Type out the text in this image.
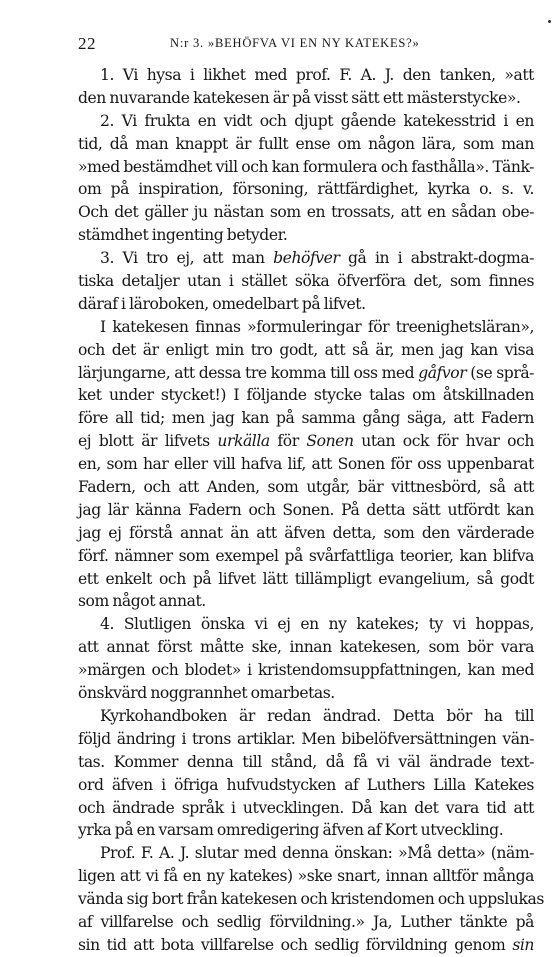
22	N:r 3. »BEHÖFVA VI EN NY KATEKES?»
1. Vi hysa i likhet med prof. F. A. J. den tanken, »att
den nuvarande katekesen är på visst sätt ett mästerstycke».
2. Vi frukta en vidt och djupt gående katekesstrid i en
tid, då man knappt är fullt ense om någon lära, som man
»med bestämdhet vill och kan formulera och fasthålla». Tänk-
om på inspiration, försoning, rättfärdighet, kyrka o. s. v.
Och det gäller ju nästan som en trossats, att en sådan obe-
stämdhet ingenting betyder.
3. Vi tro ej, att man behöfver gå in i abstrakt-dogma-
tiska detaljer utan i stället söka öfverföra det, som finnes
däraf i läroboken, omedelbart på lifvet.
I katekesen finnas »formuleringar för treenighetsläran»,
och det är enligt min tro godt, att så är, men jag kan visa
lärjungarne, att dessa tre komma till oss med gåfvor (se språ-
ket under stycket!) I följande stycke talas om åtskillnaden
före all tid; men jag kan på samma gång säga, att Fadern
ej blott är lifvets urkälla för Sonen utan ock för hvar och
en, som har eller vill hafva lif, att Sonen för oss uppenbarat
Fadern, och att Anden, som utgår, bär vittnesbörd, så att
jag lär känna Fadern och Sonen. På detta sätt utfördt kan
jag ej förstå annat än att äfven detta, som den värderade
förf. nämner som exempel på svårfattliga teorier, kan blifva
ett enkelt och på lifvet lätt tillämpligt evangelium, så godt
som något annat.
4. Slutligen önska vi ej en ny katekes; ty vi hoppas,
att annat först måtte ske, innan katekesen, som bör vara
»märgen och blodet» i kristendomsuppfattningen, kan med
önskvärd noggrannhet omarbetas.
Kyrkohandboken är redan ändrad. Detta bör ha till
följd ändring i trons artiklar. Men bibelöfversättningen vän-
tas. Kommer denna till stånd, då få vi väl ändrade text-
ord äfven i öfriga hufvudstycken af Luthers Lilla Katekes
och ändrade språk i utvecklingen. Då kan det vara tid att
yrka på en varsam omredigering äfven af Kort utveckling.
Prof. F. A. J. slutar med denna önskan: »Må detta» (näm-
ligen att vi få en ny katekes) »ske snart, innan alltför många
vända sig bort från katekesen och kristendomen och uppslukas
af villfarelse och sedlig förvildning.» Ja, Luther tänkte på
sin tid att bota villfarelse och sedlig förvildning genom sin
